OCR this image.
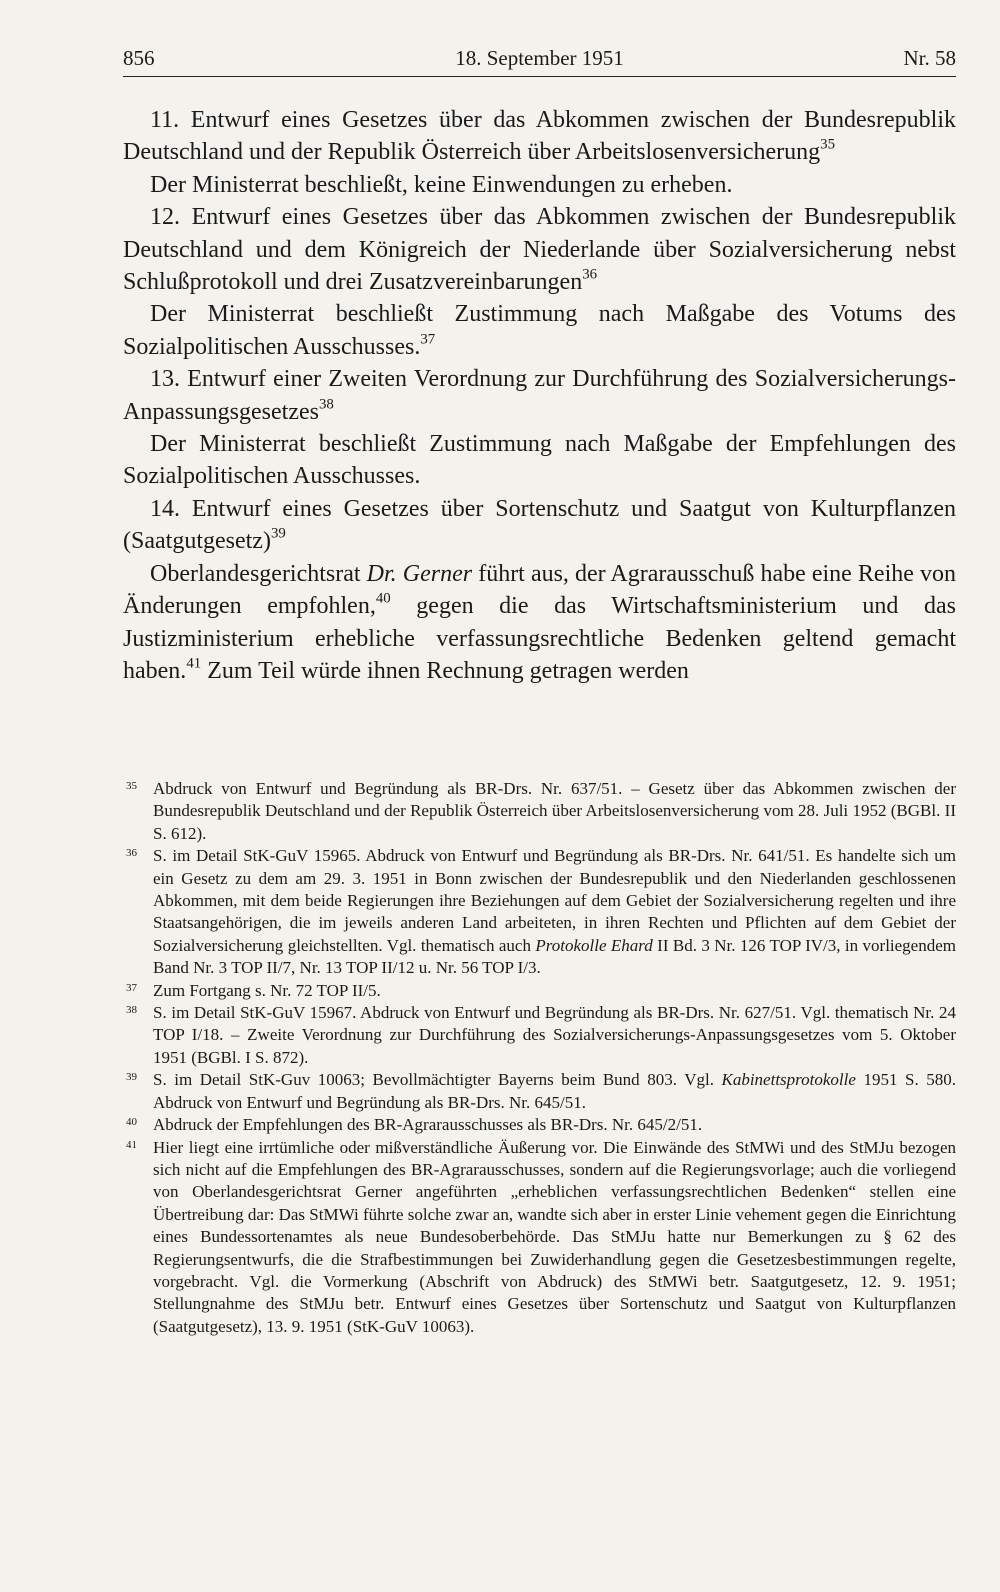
856	18. September 1951	Nr. 58

11. Entwurf eines Gesetzes über das Abkommen zwischen der Bundesrepublik Deutschland und der Republik Österreich über Arbeitslosenversicherung$^{35}$

Der Ministerrat beschließt, keine Einwendungen zu erheben.

12. Entwurf eines Gesetzes über das Abkommen zwischen der Bundesrepublik Deutschland und dem Königreich der Niederlande über Sozialversicherung nebst Schlußprotokoll und drei Zusatzvereinbarungen$^{36}$

Der Ministerrat beschließt Zustimmung nach Maßgabe des Votums des Sozialpolitischen Ausschusses.$^{37}$

13. Entwurf einer Zweiten Verordnung zur Durchführung des Sozialversicherungs-Anpassungsgesetzes$^{38}$

Der Ministerrat beschließt Zustimmung nach Maßgabe der Empfehlungen des Sozialpolitischen Ausschusses.

14. Entwurf eines Gesetzes über Sortenschutz und Saatgut von Kulturpflanzen (Saatgutgesetz)$^{39}$

Oberlandesgerichtsrat Dr. Gerner führt aus, der Agrarausschuß habe eine Reihe von Änderungen empfohlen,$^{40}$ gegen die das Wirtschaftsministerium und das Justizministerium erhebliche verfassungsrechtliche Bedenken geltend gemacht haben.$^{41}$ Zum Teil würde ihnen Rechnung getragen werden

35 Abdruck von Entwurf und Begründung als BR-Drs. Nr. 637/51. – Gesetz über das Abkommen zwischen der Bundesrepublik Deutschland und der Republik Österreich über Arbeitslosenversicherung vom 28. Juli 1952 (BGBl. II S. 612).

36 S. im Detail StK-GuV 15965. Abdruck von Entwurf und Begründung als BR-Drs. Nr. 641/51. Es handelte sich um ein Gesetz zu dem am 29. 3. 1951 in Bonn zwischen der Bundesrepublik und den Niederlanden geschlossenen Abkommen, mit dem beide Regierungen ihre Beziehungen auf dem Gebiet der Sozialversicherung regelten und ihre Staatsangehörigen, die im jeweils anderen Land arbeiteten, in ihren Rechten und Pflichten auf dem Gebiet der Sozialversicherung gleichstellten. Vgl. thematisch auch Protokolle Ehard II Bd. 3 Nr. 126 TOP IV/3, in vorliegendem Band Nr. 3 TOP II/7, Nr. 13 TOP II/12 u. Nr. 56 TOP I/3.

37 Zum Fortgang s. Nr. 72 TOP II/5.

38 S. im Detail StK-GuV 15967. Abdruck von Entwurf und Begründung als BR-Drs. Nr. 627/51. Vgl. thematisch Nr. 24 TOP I/18. – Zweite Verordnung zur Durchführung des Sozialversicherungs-Anpassungsgesetzes vom 5. Oktober 1951 (BGBl. I S. 872).

39 S. im Detail StK-Guv 10063; Bevollmächtigter Bayerns beim Bund 803. Vgl. Kabinettsprotokolle 1951 S. 580. Abdruck von Entwurf und Begründung als BR-Drs. Nr. 645/51.

40 Abdruck der Empfehlungen des BR-Agrarausschusses als BR-Drs. Nr. 645/2/51.

41 Hier liegt eine irrtümliche oder mißverständliche Äußerung vor. Die Einwände des StMWi und des StMJu bezogen sich nicht auf die Empfehlungen des BR-Agrarausschusses, sondern auf die Regierungsvorlage; auch die vorliegend von Oberlandesgerichtsrat Gerner angeführten „erheblichen verfassungsrechtlichen Bedenken“ stellen eine Übertreibung dar: Das StMWi führte solche zwar an, wandte sich aber in erster Linie vehement gegen die Einrichtung eines Bundessortenamtes als neue Bundesoberbehörde. Das StMJu hatte nur Bemerkungen zu § 62 des Regierungsentwurfs, die die Strafbestimmungen bei Zuwiderhandlung gegen die Gesetzesbestimmungen regelte, vorgebracht. Vgl. die Vormerkung (Abschrift von Abdruck) des StMWi betr. Saatgutgesetz, 12. 9. 1951; Stellungnahme des StMJu betr. Entwurf eines Gesetzes über Sortenschutz und Saatgut von Kulturpflanzen (Saatgutgesetz), 13. 9. 1951 (StK-GuV 10063).
